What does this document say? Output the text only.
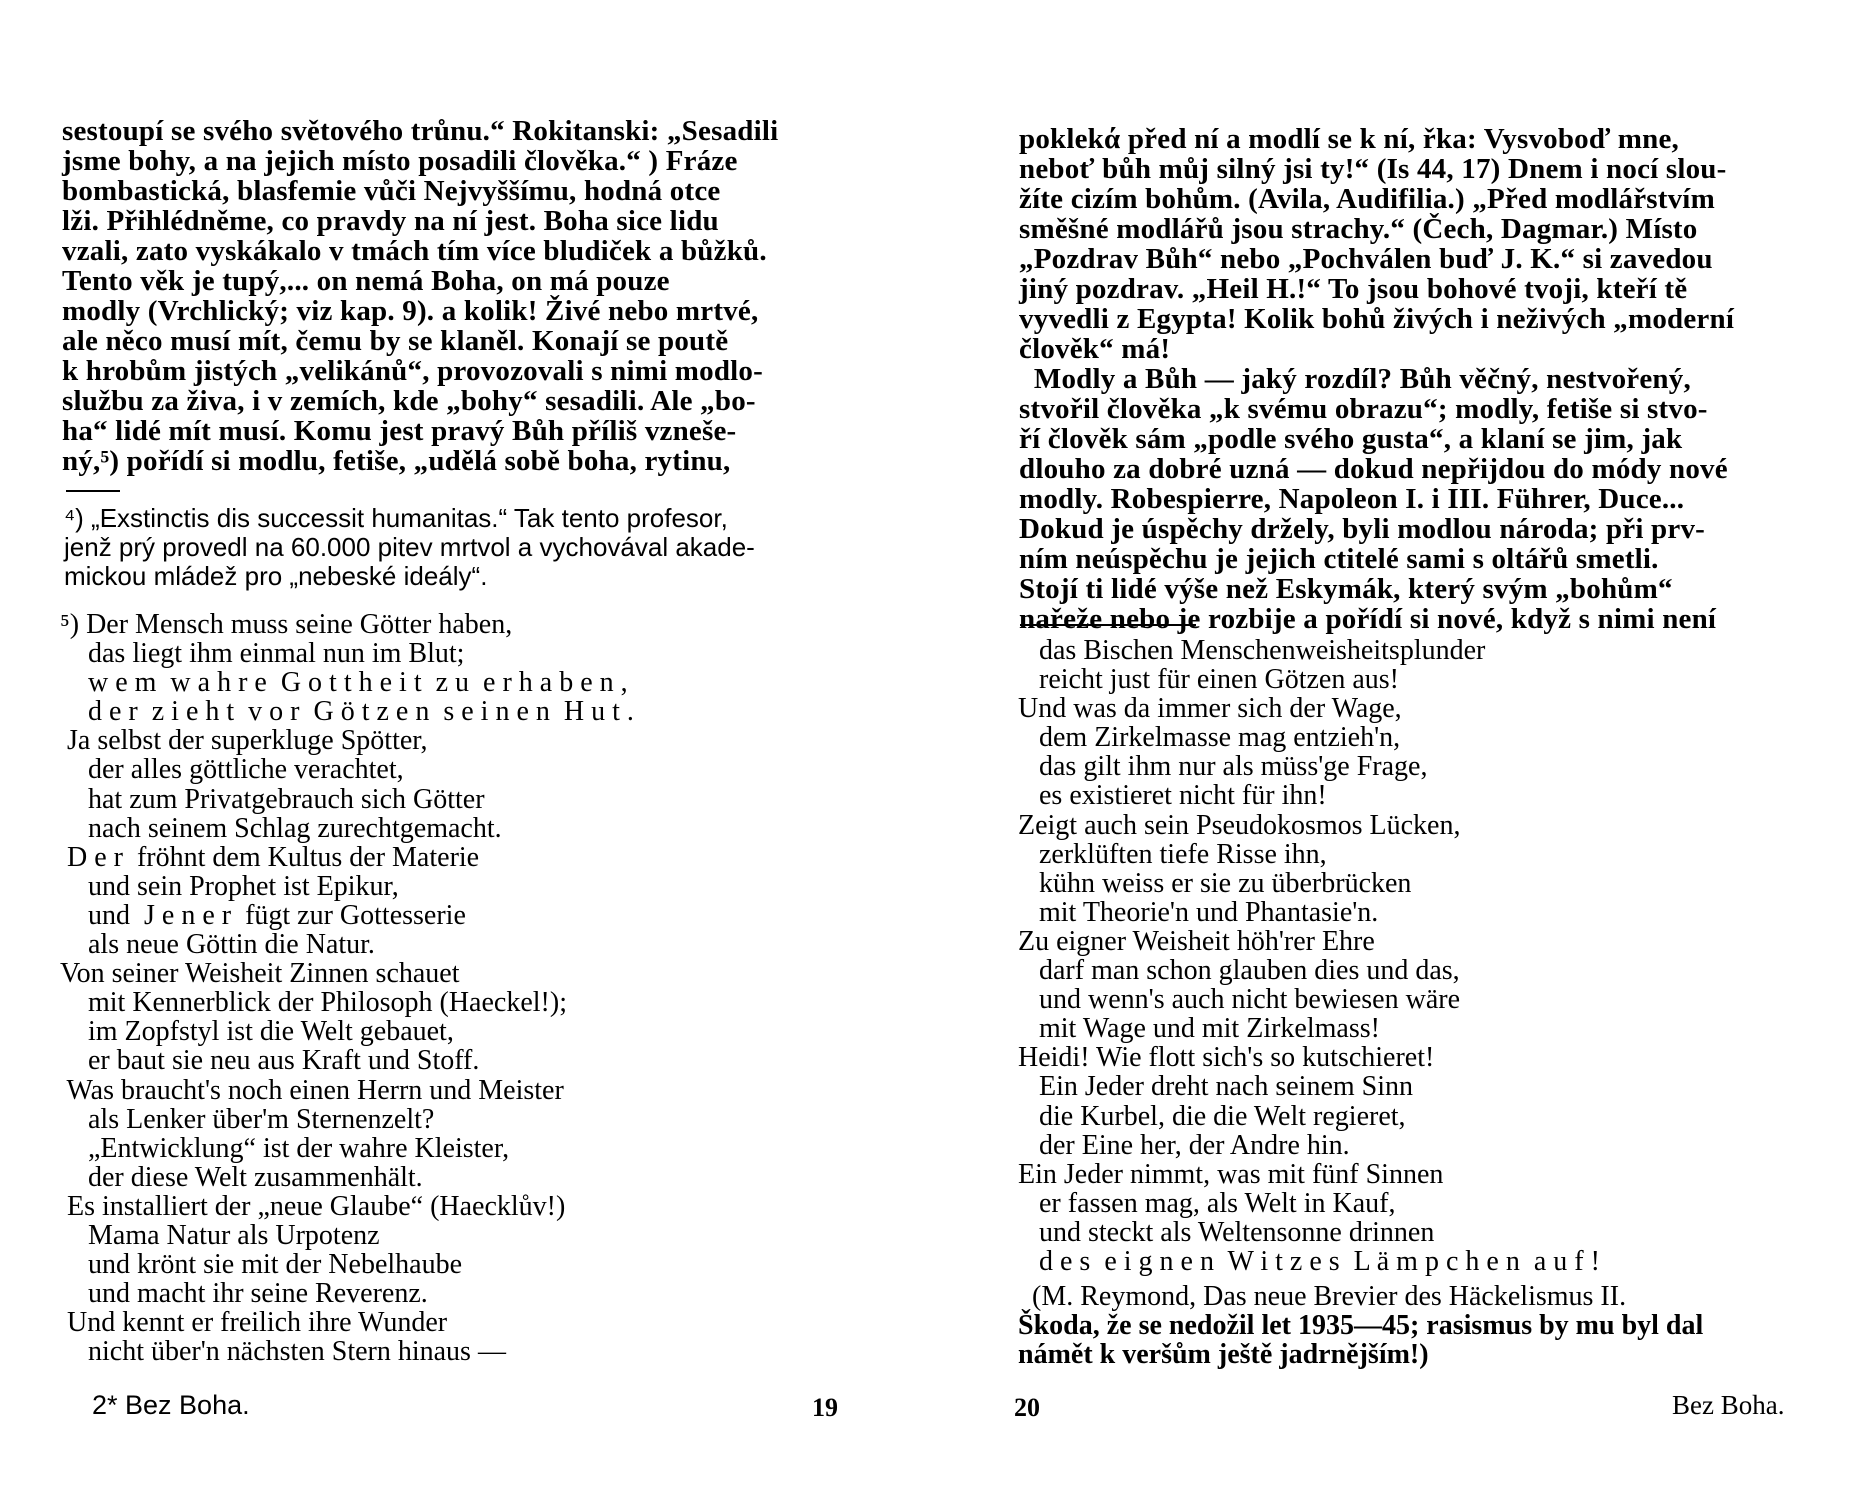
sestoupí se svého světového trůnu.“ Rokitanski: „Sesadili
jsme bohy, a na jejich místo posadili člověka.“ ) Fráze
bombastická, blasfemie vůči Nejvyššímu, hodná otce
lži. Přihlédněme, co pravdy na ní jest. Boha sice lidu
vzali, zato vyskákalo v tmách tím více bludiček a bůžků.
Tento věk je tupý,... on nemá Boha, on má pouze
modly (Vrchlický; viz kap. 9). a kolik! Živé nebo mrtvé,
ale něco musí mít, čemu by se klaněl. Konají se poutě
k hrobům jistých „velikánů“, provozovali s nimi modlo-
službu za živa, i v zemích, kde „bohy“ sesadili. Ale „bo-
ha“ lidé mít musí. Komu jest pravý Bůh příliš vzneše-
ný,⁵) pořídí si modlu, fetiše, „udělá sobě boha, rytinu,

⁴) „Exstinctis dis successit humanitas.“ Tak tento profesor,
jenž prý provedl na 60.000 pitev mrtvol a vychovával akade-
mickou mládež pro „nebeské ideály“.

⁵) Der Mensch muss seine Götter haben,
das liegt ihm einmal nun im Blut;
w e m  w a h r e  G o t t h e i t  z u  e r h a b e n ,
d e r  z i e h t  v o r  G ö t z e n  s e i n e n  H u t .
Ja selbst der superkluge Spötter,
der alles göttliche verachtet,
hat zum Privatgebrauch sich Götter
nach seinem Schlag zurechtgemacht.
D e r  fröhnt dem Kultus der Materie
und sein Prophet ist Epikur,
und  J e n e r  fügt zur Gottesserie
als neue Göttin die Natur.
Von seiner Weisheit Zinnen schauet
mit Kennerblick der Philosoph (Haeckel!);
im Zopfstyl ist die Welt gebauet,
er baut sie neu aus Kraft und Stoff.
Was braucht's noch einen Herrn und Meister
als Lenker über'm Sternenzelt?
„Entwicklung“ ist der wahre Kleister,
der diese Welt zusammenhält.
Es installiert der „neue Glaube“ (Haecklův!)
Mama Natur als Urpotenz
und krönt sie mit der Nebelhaube
und macht ihr seine Reverenz.
Und kennt er freilich ihre Wunder
nicht über'n nächsten Stern hinaus —

2* Bez Boha.	19

poklekά před ní a modlí se k ní, řka: Vysvoboď mne,
neboť bůh můj silný jsi ty!“ (Is 44, 17) Dnem i nocí slou-
žíte cizím bohům. (Avila, Audifilia.) „Před modlářstvím
směšné modlářů jsou strachy.“ (Čech, Dagmar.) Místo
„Pozdrav Bůh“ nebo „Pochválen buď J. K.“ si zavedou
jiný pozdrav. „Heil H.!“ To jsou bohové tvoji, kteří tě
vyvedli z Egypta! Kolik bohů živých i neživých „moderní
člověk“ má!
Modly a Bůh — jaký rozdíl? Bůh věčný, nestvořený,
stvořil člověka „k svému obrazu“; modly, fetiše si stvo-
ří člověk sám „podle svého gusta“, a klaní se jim, jak
dlouho za dobré uzná — dokud nepřijdou do módy nové
modly. Robespierre, Napoleon I. i III. Führer, Duce...
Dokud je úspěchy držely, byli modlou národa; při prv-
ním neúspěchu je jejich ctitelé sami s oltářů smetli.
Stojí ti lidé výše než Eskymák, který svým „bohům“
nařeže nebo je rozbije a pořídí si nové, když s nimi není

das Bischen Menschenweisheitsplunder
reicht just für einen Götzen aus!
Und was da immer sich der Wage,
dem Zirkelmasse mag entzieh'n,
das gilt ihm nur als müss'ge Frage,
es existieret nicht für ihn!
Zeigt auch sein Pseudokosmos Lücken,
zerklüften tiefe Risse ihn,
kühn weiss er sie zu überbrücken
mit Theorie'n und Phantasie'n.
Zu eigner Weisheit höh'rer Ehre
darf man schon glauben dies und das,
und wenn's auch nicht bewiesen wäre
mit Wage und mit Zirkelmass!
Heidi! Wie flott sich's so kutschieret!
Ein Jeder dreht nach seinem Sinn
die Kurbel, die die Welt regieret,
der Eine her, der Andre hin.
Ein Jeder nimmt, was mit fünf Sinnen
er fassen mag, als Welt in Kauf,
und steckt als Weltensonne drinnen
d e s  e i g n e n  W i t z e s  L ä m p c h e n  a u f !

(M. Reymond, Das neue Brevier des Häckelismus II.
Škoda, že se nedožil let 1935—45; rasismus by mu byl dal
námět k veršům ještě jadrnějším!)
20	Bez Boha.
